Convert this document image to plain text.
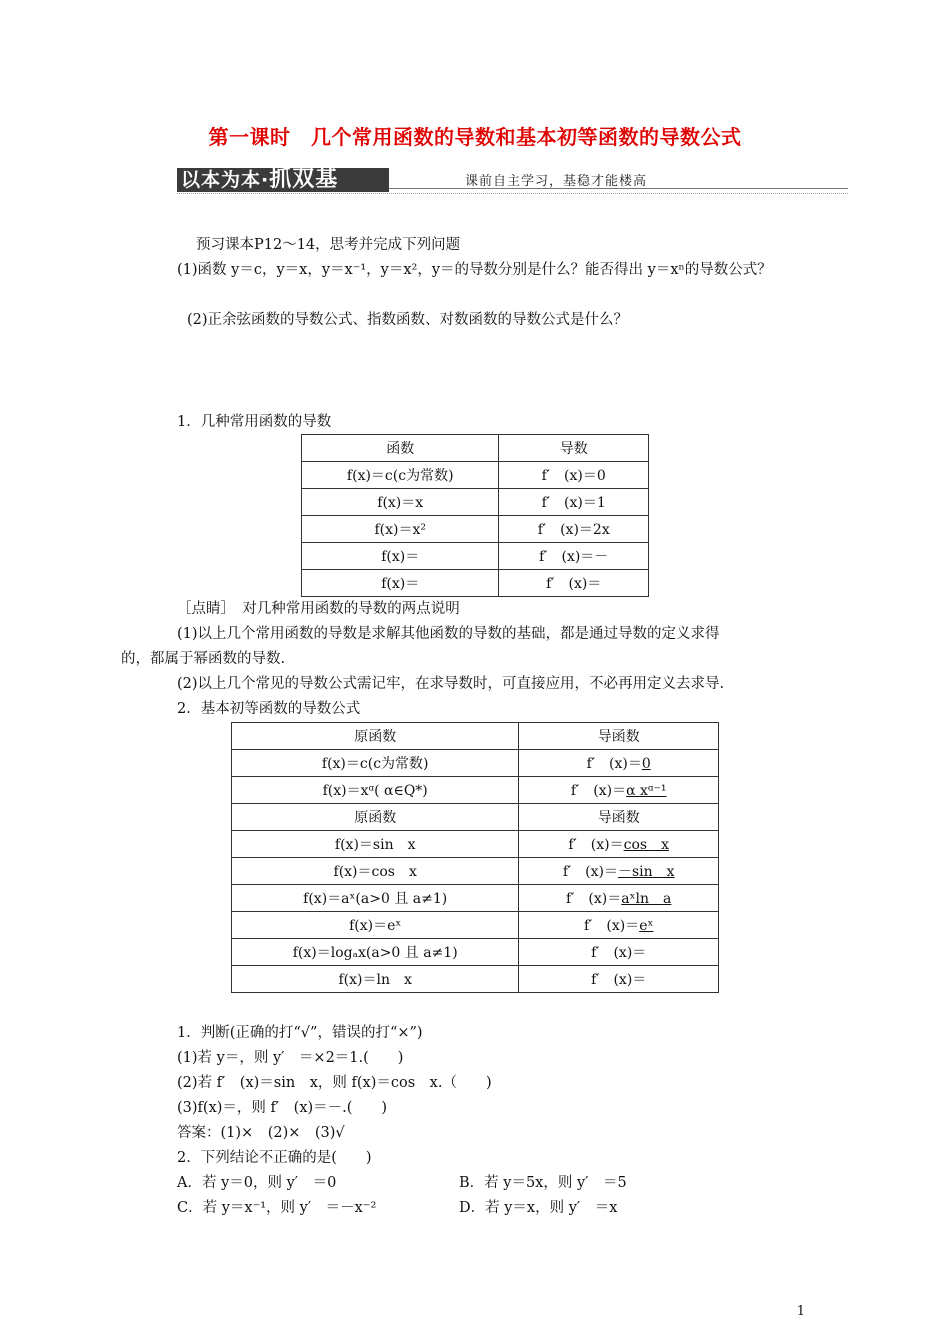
第一课时　几个常用函数的导数和基本初等函数的导数公式
以本为本·抓双基	课前自主学习，基稳才能楼高
预习课本P12～14，思考并完成下列问题
(1)函数 y＝c，y＝x，y＝x⁻¹，y＝x²，y＝的导数分别是什么？能否得出 y＝xⁿ的导数公式？
(2)正余弦函数的导数公式、指数函数、对数函数的导数公式是什么？
1．几种常用函数的导数
函数	导数
f(x)＝c(c为常数)	f′　(x)＝0
f(x)＝x	f′　(x)＝1
f(x)＝x²	f′　(x)＝2x
f(x)＝	f′　(x)＝－
f(x)＝	f′　(x)＝
［点睛］　对几种常用函数的导数的两点说明
(1)以上几个常用函数的导数是求解其他函数的导数的基础，都是通过导数的定义求得
的，都属于幂函数的导数.
(2)以上几个常见的导数公式需记牢，在求导数时，可直接应用，不必再用定义去求导.
2．基本初等函数的导数公式
原函数	导函数
f(x)＝c(c为常数)	f′　(x)＝0
f(x)＝xᵅ( α∈Q*)	f′　(x)＝α xᵅ⁻¹
原函数	导函数
f(x)＝sin　x	f′　(x)＝cos　x
f(x)＝cos　x	f′　(x)＝－sin　x
f(x)＝aˣ(a>0 且 a≠1)	f′　(x)＝aˣln　a
f(x)＝eˣ	f′　(x)＝eˣ
f(x)＝logₐx(a>0 且 a≠1)	f′　(x)＝
f(x)＝ln　x	f′　(x)＝
1．判断(正确的打“√”，错误的打“×”)
(1)若 y＝，则 y′　＝×2＝1.(　　)
(2)若 f′　(x)＝sin　x，则 f(x)＝cos　x.（　　)
(3)f(x)＝，则 f′　(x)＝－.(　　)
答案：(1)×　(2)×　(3)√
2．下列结论不正确的是(　　)
A．若 y＝0，则 y′　＝0	B．若 y＝5x，则 y′　＝5
C．若 y＝x⁻¹，则 y′　＝－x⁻²	D．若 y＝x，则 y′　＝x
1
